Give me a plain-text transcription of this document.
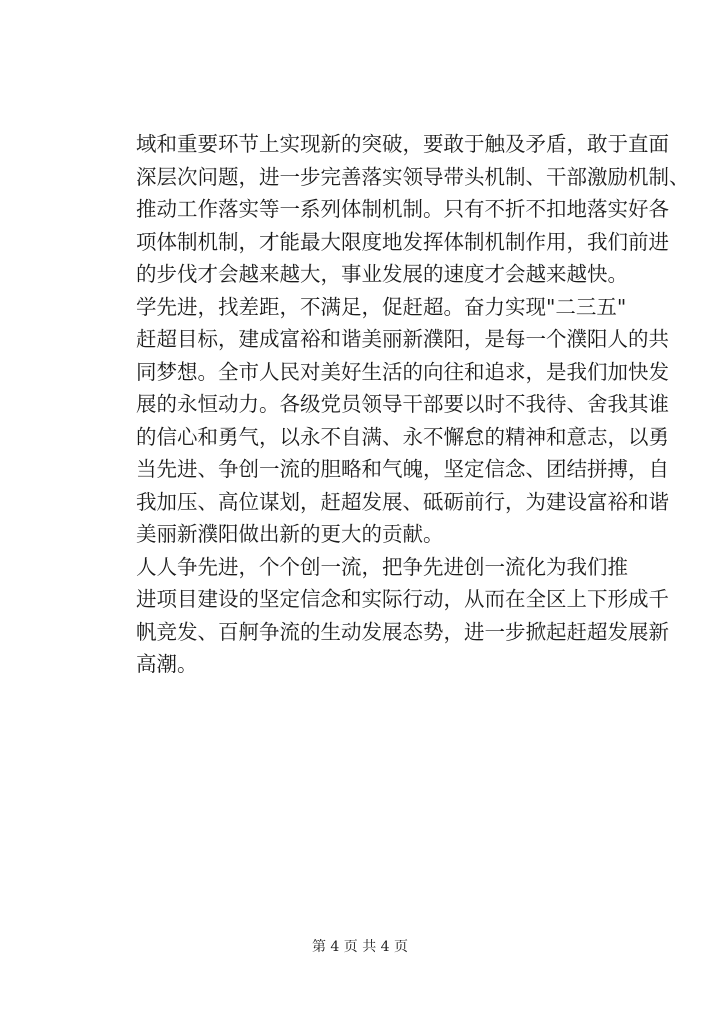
域和重要环节上实现新的突破，要敢于触及矛盾，敢于直面
深层次问题，进一步完善落实领导带头机制、干部激励机制、
推动工作落实等一系列体制机制。只有不折不扣地落实好各
项体制机制，才能最大限度地发挥体制机制作用，我们前进
的步伐才会越来越大，事业发展的速度才会越来越快。
学先进，找差距，不满足，促赶超。奋力实现"二三五"
赶超目标，建成富裕和谐美丽新濮阳，是每一个濮阳人的共
同梦想。全市人民对美好生活的向往和追求，是我们加快发
展的永恒动力。各级党员领导干部要以时不我待、舍我其谁
的信心和勇气，以永不自满、永不懈怠的精神和意志，以勇
当先进、争创一流的胆略和气魄，坚定信念、团结拼搏，自
我加压、高位谋划，赶超发展、砥砺前行，为建设富裕和谐
美丽新濮阳做出新的更大的贡献。
人人争先进，个个创一流，把争先进创一流化为我们推
进项目建设的坚定信念和实际行动，从而在全区上下形成千
帆竞发、百舸争流的生动发展态势，进一步掀起赶超发展新
高潮。
第 4 页 共 4 页
